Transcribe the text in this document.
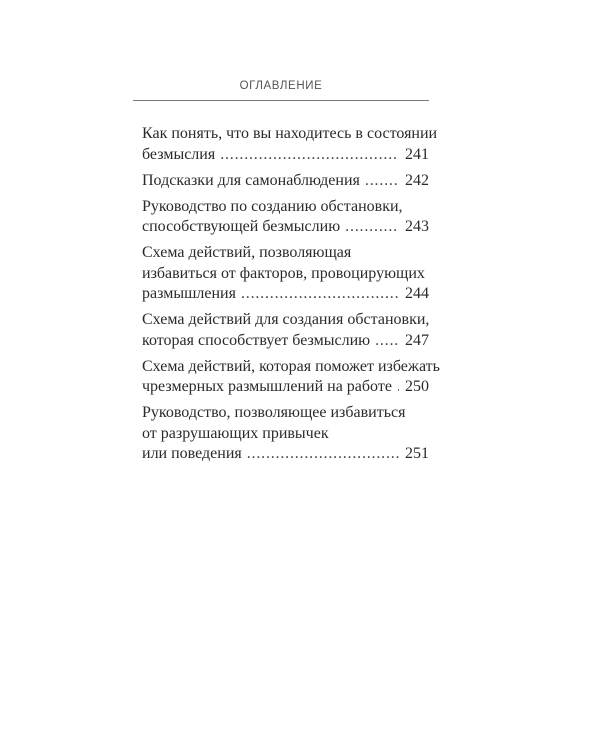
ОГЛАВЛЕНИЕ
Как понять, что вы находитесь в состоянии
безмыслия . . .	241
Подсказки для самонаблюдения . . .	242
Руководство по созданию обстановки,
способствующей безмыслию . . .	243
Схема действий, позволяющая
избавиться от факторов, провоцирующих
размышления . . .	244
Схема действий для создания обстановки,
которая способствует безмыслию . . . 247
Схема действий, которая поможет избежать
чрезмерных размышлений на работе . . . 250
Руководство, позволяющее избавиться
от разрушающих привычек
или поведения . . .	251
